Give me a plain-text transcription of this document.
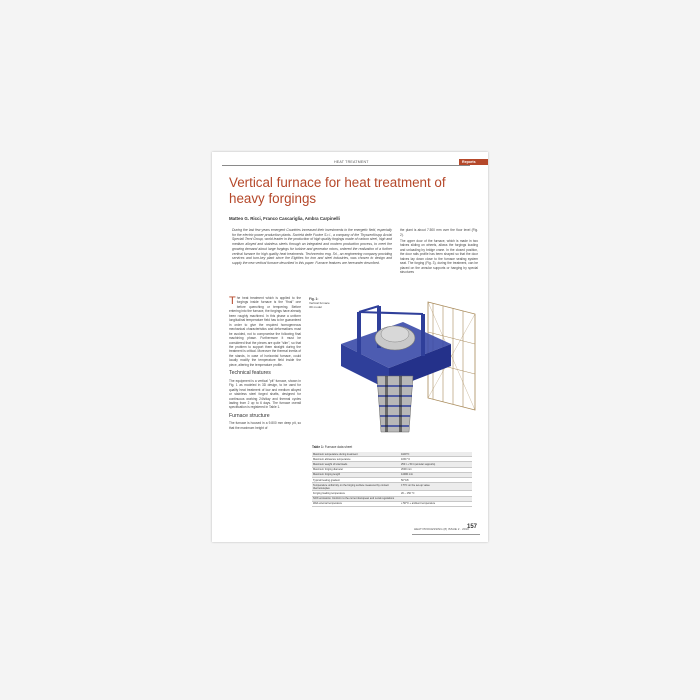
HEAT TREATMENT	Reports
Vertical furnace for heat treatment of heavy forgings
Matteo G. Ricci, Franco Cascariglia, Ambra Carpinelli

During the last few years emergent Countries increased their investments in the energetic field, especially for the electric power production plants. Società delle Fucine S.r.l., a company of the ThyssenKrupp Acciai Speciali Terni Group, world leader in the production of high quality forgings made of carbon steel, high and medium alloyed and stainless steels through an integrated and modern production process, to meet the growing demand about large forgings for turbine and generator rotors, ordered the realization of a further vertical furnace for high quality heat treatments. Techncentro eng. Srl., an engineering company providing services and turn-key plant since the Eighties for iron and steel industries, was chosen to design and supply the new vertical furnace described in this paper. Furnace features are hereunder described.

the plant is about 7.500 mm over the floor level (Fig. 2).

The upper door of the furnace, which is made in two halves sliding on wheels, allows the forgings loading and unloading by bridge crane. In the closed position, the door rails profile has been shaped so that the door halves lay down close to the furnace sealing system seat. The forging (Fig. 3), during the treatment, can be placed on the annular supports or hanging by special structures

The heat treatment which is applied to the forgings inside furnace is the "final" one before quenching or tempering. Before entering into the furnace, the forgings have already been roughly machined. In this phase a uniform longitudinal temperature field has to be guaranteed in order to give the required homogeneous mechanical characteristics and deformations must be avoided, not to compromise the following final machining phase. Furthermore it must be considered that the pieces are quite "slim", so that the problem to support them straight during the treatment is critical. Moreover the thermal inertia of the stands, in case of horizontal furnace, could locally modify the temperature field inside the piece, altering the temperature profile.

Technical features

The equipment is a vertical "pit" furnace, shown in Fig. 1 as modeled in 3D design, to be used for quality heat treatment of low and medium alloyed or stainless steel forged shafts, designed for continuous working 24h/day and thermal cycles lasting from 2 up to 6 days. The furnace overall specification is registered in Table 1.

Furnace structure

The furnace is housed in a 9.800 mm deep pit, so that the maximum height of

Fig. 1:
Vertical furnace 3D model
Table 1: Furnace data sheet
Maximum temperature during treatment	1100°C
Maximum allowance temperature	1150 °C
Maximum weight of total loads	250 t + 50 t (annular supports)
Maximum forging diameter	2600 mm
Maximum forging length	14000 mm
Typical heating gradient	50°C/h
Temperature uniformity on the forging surface measured by contact thermocouples	± 5°C on the set-up value
Forging loading temperature	20 – 150 °C
NOX emissions: Conform to the current European and Local regulations	
Wall external temperature	≤ 50°C + ambient temperature
HEAT PROCESSING (8) ISSUE 2 · 2010
157
